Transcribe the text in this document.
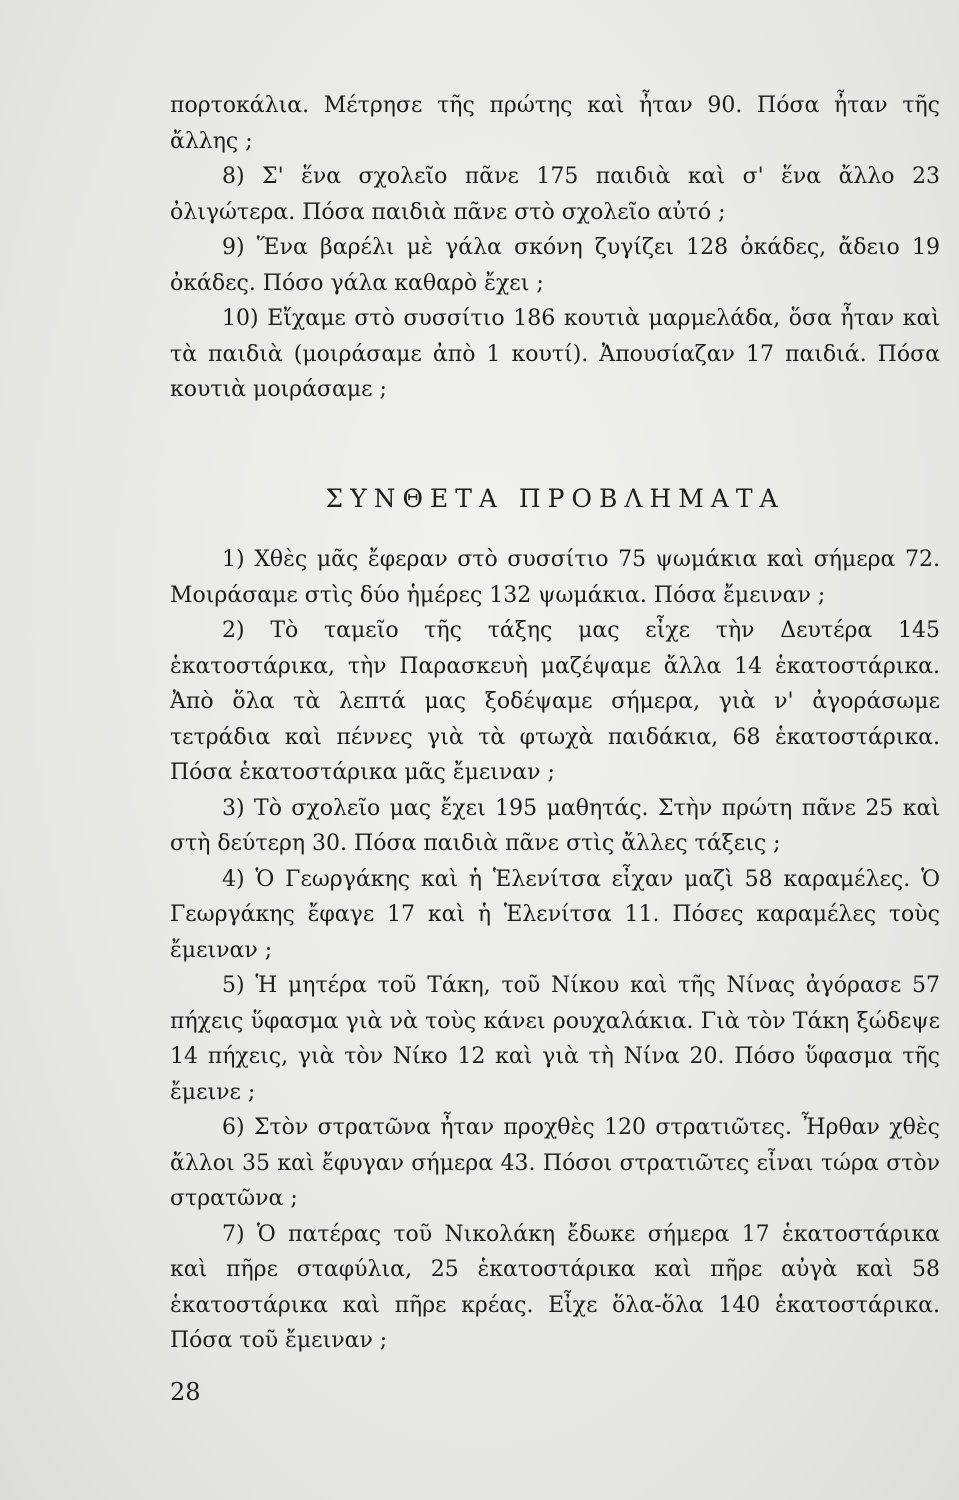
πορτοκάλια. Μέτρησε τῆς πρώτης καὶ ἦταν 90. Πόσα ἦταν τῆς ἄλλης ;

8) Σ' ἕνα σχολεῖο πᾶνε 175 παιδιὰ καὶ σ' ἕνα ἄλλο 23 ὀλιγώτερα. Πόσα παιδιὰ πᾶνε στὸ σχολεῖο αὐτό ;

9) Ἕνα βαρέλι μὲ γάλα σκόνη ζυγίζει 128 ὀκάδες, ἄδειο 19 ὀκάδες. Πόσο γάλα καθαρὸ ἔχει ;

10) Εἴχαμε στὸ συσσίτιο 186 κουτιὰ μαρμελάδα, ὅσα ἦταν καὶ τὰ παιδιὰ (μοιράσαμε ἀπὸ 1 κουτί). Ἀπουσίαζαν 17 παιδιά. Πόσα κουτιὰ μοιράσαμε ;

ΣΥΝΘΕΤΑ ΠΡΟΒΛΗΜΑΤΑ

1) Χθὲς μᾶς ἔφεραν στὸ συσσίτιο 75 ψωμάκια καὶ σήμερα 72. Μοιράσαμε στὶς δύο ἡμέρες 132 ψωμάκια. Πόσα ἔμειναν ;

2) Τὸ ταμεῖο τῆς τάξης μας εἶχε τὴν Δευτέρα 145 ἑκατοστάρικα, τὴν Παρασκευὴ μαζέψαμε ἄλλα 14 ἑκατοστάρικα. Ἀπὸ ὅλα τὰ λεπτά μας ξοδέψαμε σήμερα, γιὰ ν' ἀγοράσωμε τετράδια καὶ πέννες γιὰ τὰ φτωχὰ παιδάκια, 68 ἑκατοστάρικα. Πόσα ἑκατοστάρικα μᾶς ἔμειναν ;

3) Τὸ σχολεῖο μας ἔχει 195 μαθητάς. Στὴν πρώτη πᾶνε 25 καὶ στὴ δεύτερη 30. Πόσα παιδιὰ πᾶνε στὶς ἄλλες τάξεις ;

4) Ὁ Γεωργάκης καὶ ἡ Ἑλενίτσα εἶχαν μαζὶ 58 καραμέλες. Ὁ Γεωργάκης ἔφαγε 17 καὶ ἡ Ἑλενίτσα 11. Πόσες καραμέλες τοὺς ἔμειναν ;

5) Ἡ μητέρα τοῦ Τάκη, τοῦ Νίκου καὶ τῆς Νίνας ἀγόρασε 57 πήχεις ὕφασμα γιὰ νὰ τοὺς κάνει ρουχαλάκια. Γιὰ τὸν Τάκη ξώδεψε 14 πήχεις, γιὰ τὸν Νίκο 12 καὶ γιὰ τὴ Νίνα 20. Πόσο ὕφασμα τῆς ἔμεινε ;

6) Στὸν στρατῶνα ἦταν προχθὲς 120 στρατιῶτες. Ἦρθαν χθὲς ἄλλοι 35 καὶ ἔφυγαν σήμερα 43. Πόσοι στρατιῶτες εἶναι τώρα στὸν στρατῶνα ;

7) Ὁ πατέρας τοῦ Νικολάκη ἔδωκε σήμερα 17 ἑκατοστάρικα καὶ πῆρε σταφύλια, 25 ἑκατοστάρικα καὶ πῆρε αὐγὰ καὶ 58 ἑκατοστάρικα καὶ πῆρε κρέας. Εἶχε ὅλα-ὅλα 140 ἑκατοστάρικα. Πόσα τοῦ ἔμειναν ;

28
